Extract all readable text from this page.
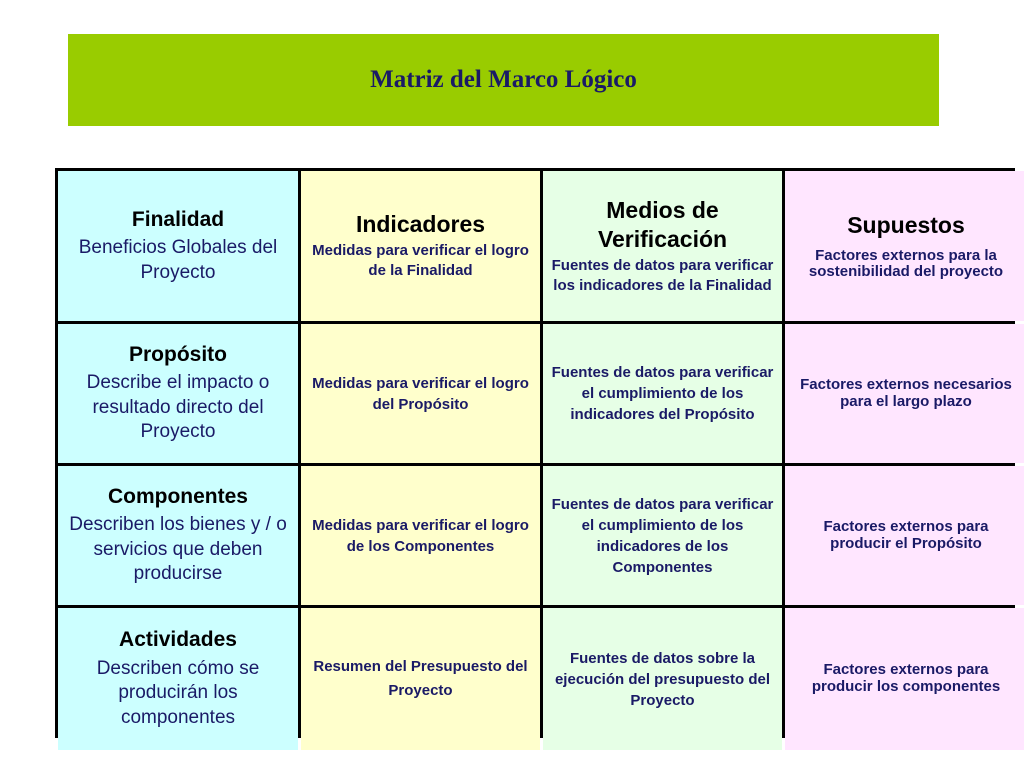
Matriz del Marco Lógico
Finalidad
Beneficios Globales del Proyecto
Indicadores
Medidas para verificar el logro de la Finalidad
Medios de Verificación
Fuentes de datos para verificar los indicadores de la Finalidad
Supuestos
Factores externos para la sostenibilidad del proyecto
Propósito
Describe el impacto o resultado directo del Proyecto
Medidas para verificar el logro del Propósito
Fuentes de datos para verificar el cumplimiento de los indicadores del Propósito
Factores externos necesarios para el largo plazo
Componentes
Describen los bienes y / o servicios que deben producirse
Medidas para verificar el logro de los Componentes
Fuentes de datos para verificar el cumplimiento de los indicadores de los Componentes
Factores externos para producir el Propósito
Actividades
Describen cómo se producirán los componentes
Resumen del Presupuesto del Proyecto
Fuentes de datos sobre la ejecución del presupuesto del Proyecto
Factores externos para producir los componentes
